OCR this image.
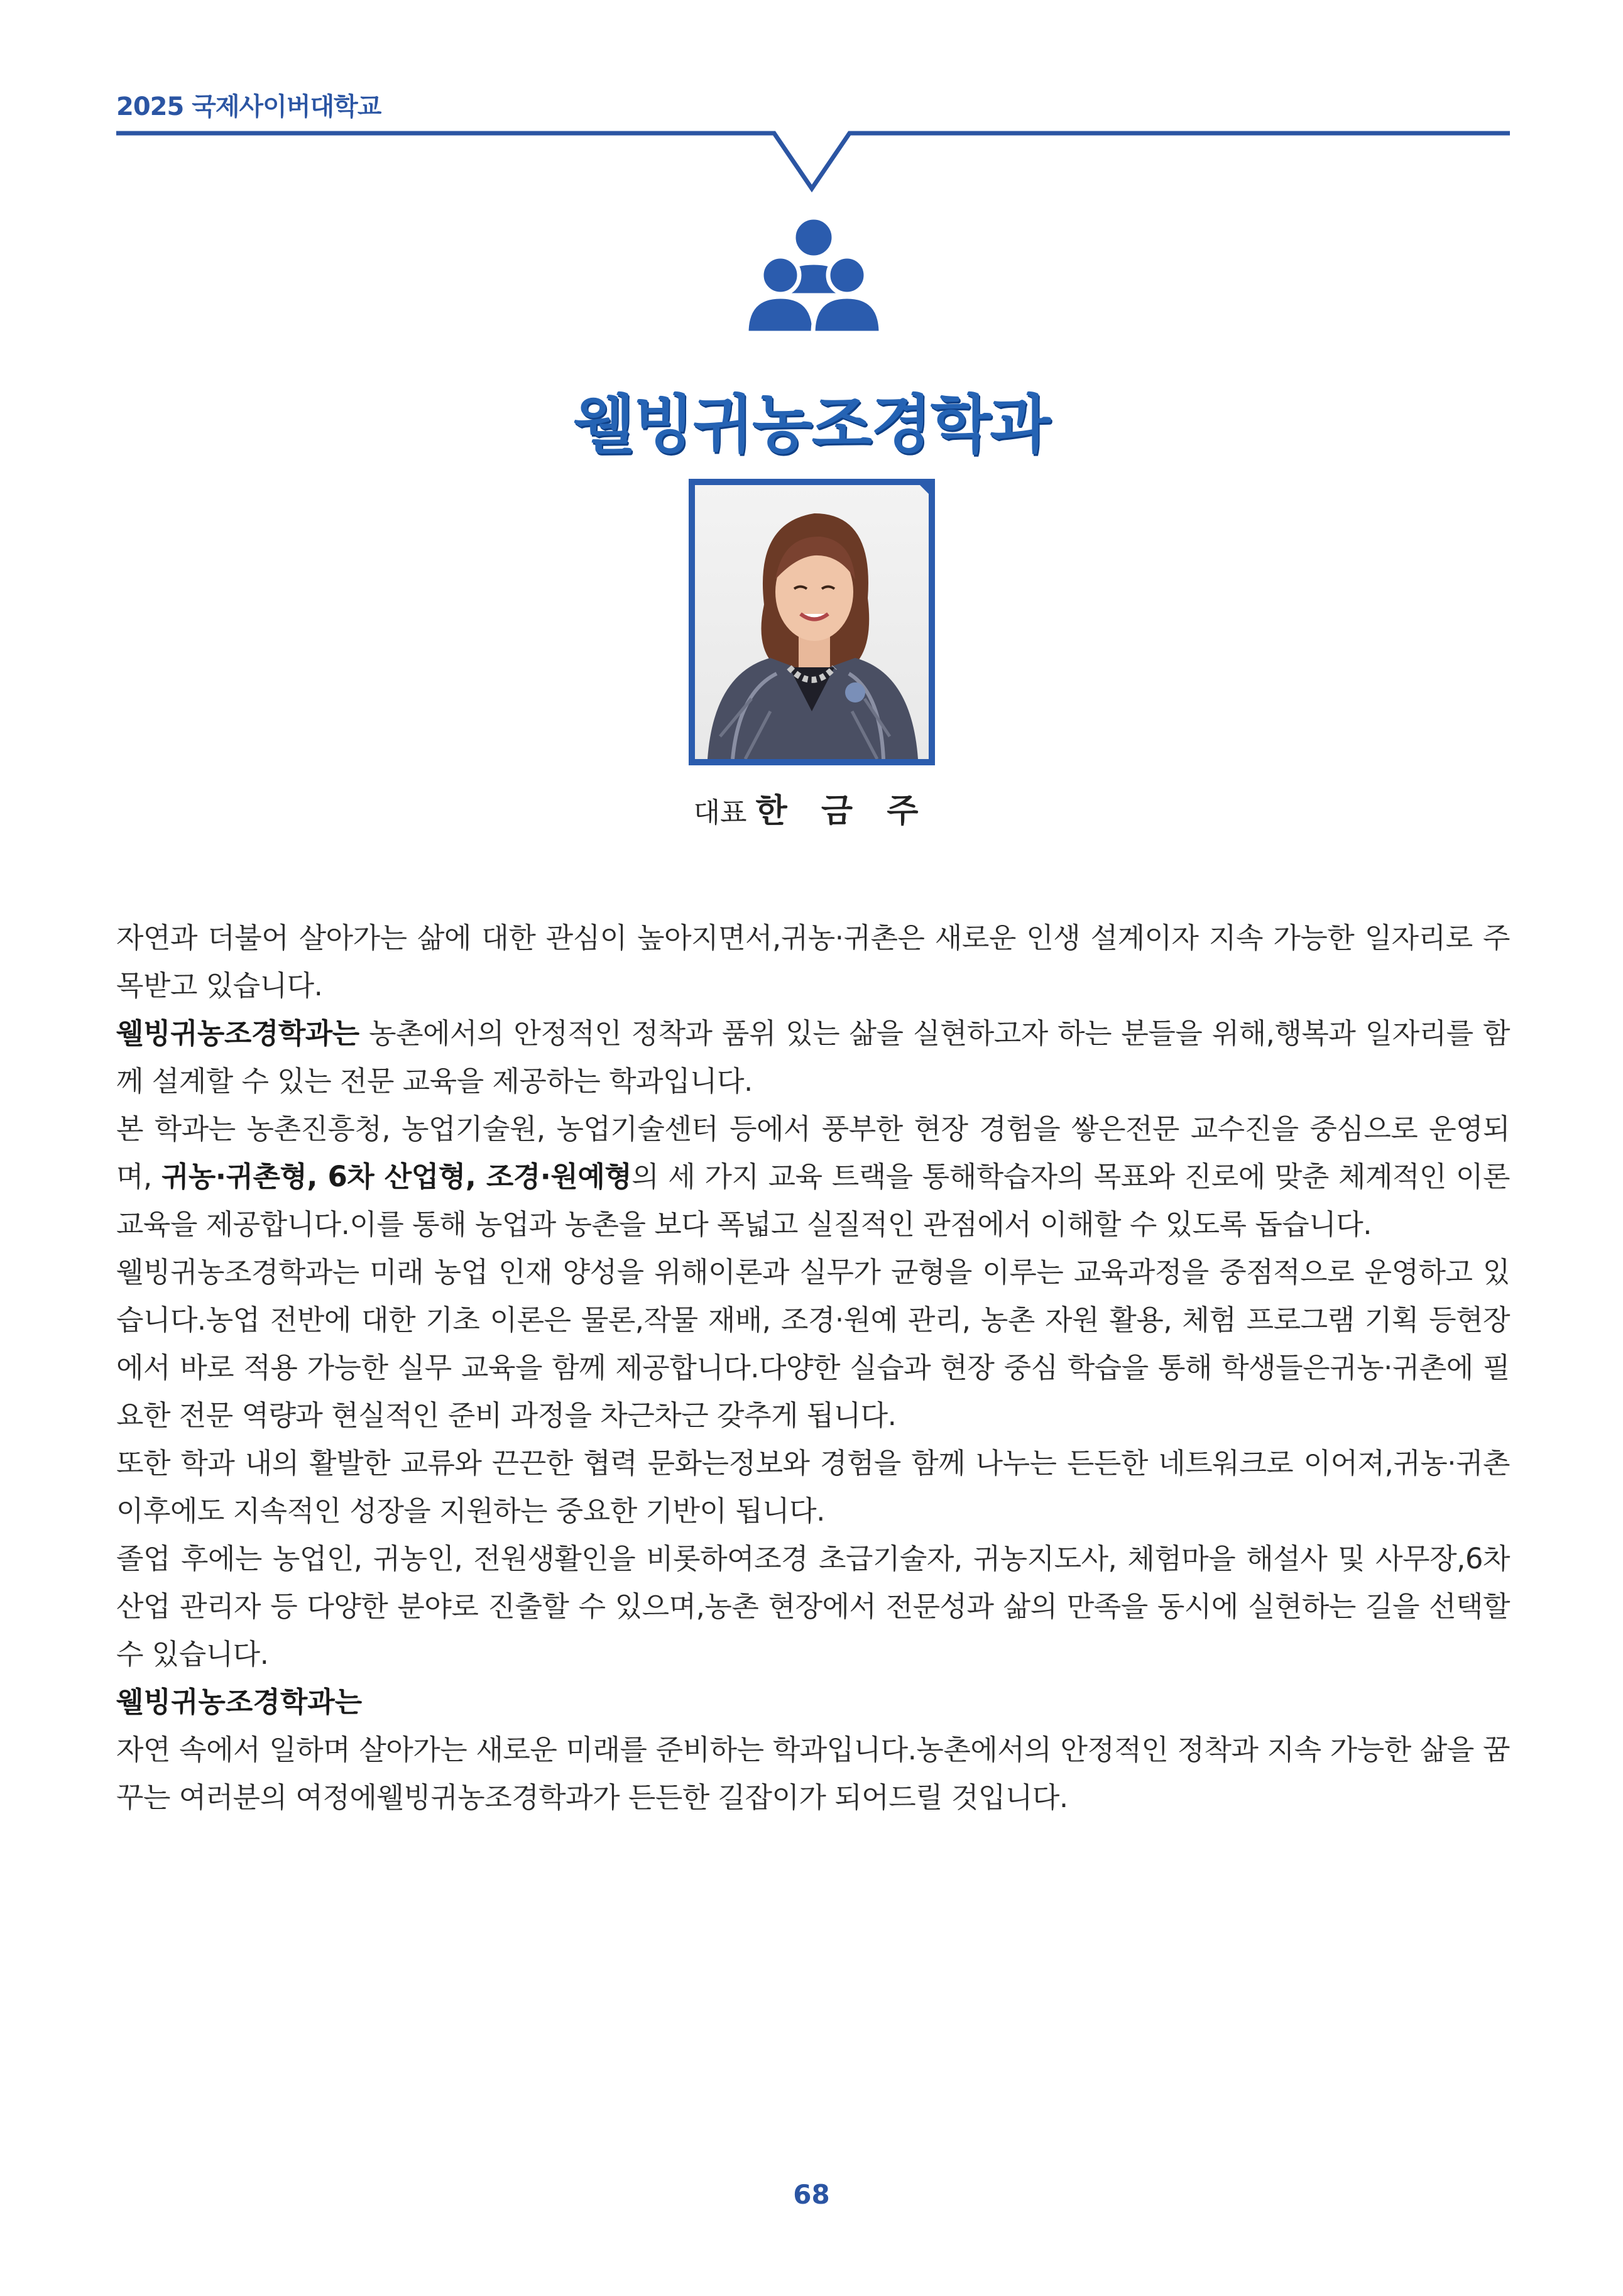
2025 국제사이버대학교
웰빙귀농조경학과
대표 한 금 주

자연과 더불어 살아가는 삶에 대한 관심이 높아지면서,귀농·귀촌은 새로운 인생 설계이자 지속 가능한 일자리로 주목받고 있습니다.

웰빙귀농조경학과는 농촌에서의 안정적인 정착과 품위 있는 삶을 실현하고자 하는 분들을 위해,행복과 일자리를 함께 설계할 수 있는 전문 교육을 제공하는 학과입니다.

본 학과는 농촌진흥청, 농업기술원, 농업기술센터 등에서 풍부한 현장 경험을 쌓은전문 교수진을 중심으로 운영되며, 귀농·귀촌형, 6차 산업형, 조경·원예형의 세 가지 교육 트랙을 통해학습자의 목표와 진로에 맞춘 체계적인 이론 교육을 제공합니다.이를 통해 농업과 농촌을 보다 폭넓고 실질적인 관점에서 이해할 수 있도록 돕습니다.

웰빙귀농조경학과는 미래 농업 인재 양성을 위해이론과 실무가 균형을 이루는 교육과정을 중점적으로 운영하고 있습니다.농업 전반에 대한 기초 이론은 물론,작물 재배, 조경·원예 관리, 농촌 자원 활용, 체험 프로그램 기획 등현장에서 바로 적용 가능한 실무 교육을 함께 제공합니다.다양한 실습과 현장 중심 학습을 통해 학생들은귀농·귀촌에 필요한 전문 역량과 현실적인 준비 과정을 차근차근 갖추게 됩니다.

또한 학과 내의 활발한 교류와 끈끈한 협력 문화는정보와 경험을 함께 나누는 든든한 네트워크로 이어져,귀농·귀촌 이후에도 지속적인 성장을 지원하는 중요한 기반이 됩니다.

졸업 후에는 농업인, 귀농인, 전원생활인을 비롯하여조경 초급기술자, 귀농지도사, 체험마을 해설사 및 사무장,6차 산업 관리자 등 다양한 분야로 진출할 수 있으며,농촌 현장에서 전문성과 삶의 만족을 동시에 실현하는 길을 선택할 수 있습니다.

웰빙귀농조경학과는

자연 속에서 일하며 살아가는 새로운 미래를 준비하는 학과입니다.농촌에서의 안정적인 정착과 지속 가능한 삶을 꿈꾸는 여러분의 여정에웰빙귀농조경학과가 든든한 길잡이가 되어드릴 것입니다.

68
